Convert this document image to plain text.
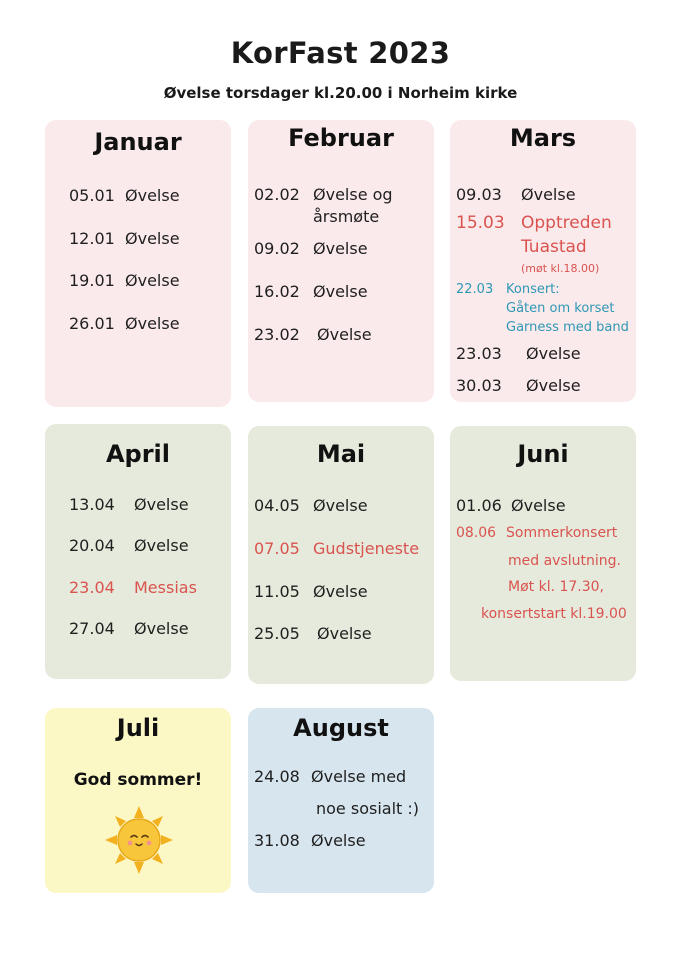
KorFast 2023
Øvelse torsdager kl.20.00 i Norheim kirke
Januar
05.01 Øvelse
12.01 Øvelse
19.01 Øvelse
26.01 Øvelse
Februar
02.02 Øvelse og
årsmøte
09.02 Øvelse
16.02 Øvelse
23.02 Øvelse
Mars
09.03 Øvelse
15.03 Opptreden
Tuastad
(møt kl.18.00)
22.03 Konsert:
Gåten om korset
Garness med band
23.03 Øvelse
30.03 Øvelse
April
13.04 Øvelse
20.04 Øvelse
23.04 Messias
27.04 Øvelse
Mai
04.05 Øvelse
07.05 Gudstjeneste
11.05 Øvelse
25.05 Øvelse
Juni
01.06 Øvelse
08.06 Sommerkonsert
med avslutning.
Møt kl. 17.30,
konsertstart kl.19.00
Juli
God sommer!
August
24.08 Øvelse med
noe sosialt :)
31.08 Øvelse
